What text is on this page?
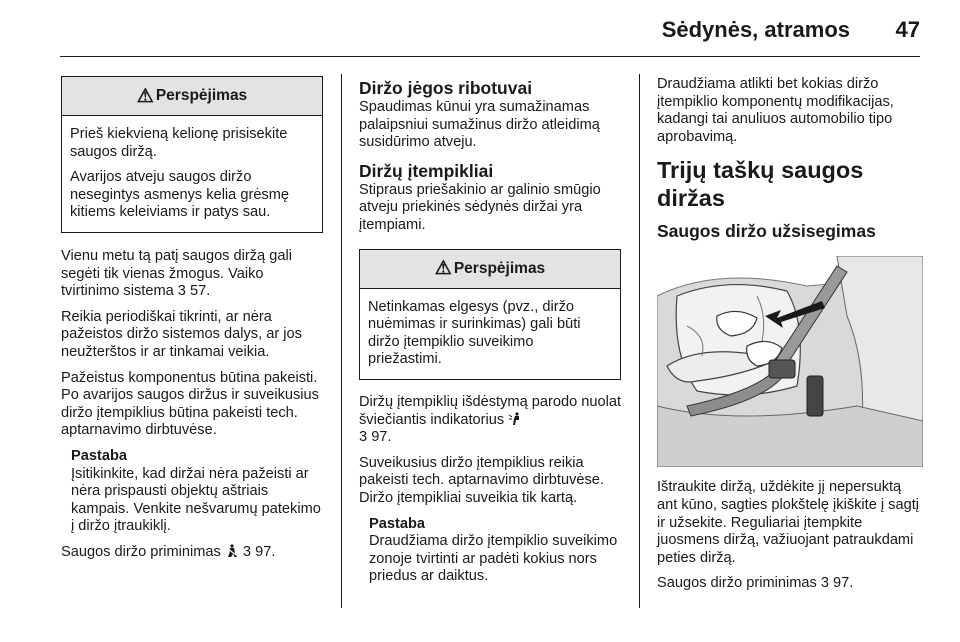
Sėdynės, atramos 47
⚠ Perspėjimas

Prieš kiekvieną kelionę prisisekite saugos diržą.

Avarijos atveju saugos diržo nesegintys asmenys kelia grėsmę kitiems keleiviams ir patys sau.

Vienu metu tą patį saugos diržą gali segėti tik vienas žmogus. Vaiko tvirtinimo sistema 3 57.

Reikia periodiškai tikrinti, ar nėra pažeistos diržo sistemos dalys, ar jos neužterštos ir ar tinkamai veikia.

Pažeistus komponentus būtina pakeisti. Po avarijos saugos diržus ir suveikusius diržo įtempiklius būtina pakeisti tech. aptarnavimo dirbtuvėse.

Pastaba

Įsitikinkite, kad diržai nėra pažeisti ar nėra prispausti objektų aštriais kampais. Venkite nešvarumų patekimo į diržo įtraukiklį.

Saugos diržo priminimas 3 97.

Diržo jėgos ribotuvai

Spaudimas kūnui yra sumažinamas palaipsniui sumažinus diržo atleidimą susidūrimo atveju.

Diržų įtempikliai

Stipraus priešakinio ar galinio smūgio atveju priekinės sėdynės diržai yra įtempiami.

⚠ Perspėjimas

Netinkamas elgesys (pvz., diržo nuėmimas ir surinkimas) gali būti diržo įtempiklio suveikimo priežastimi.

Diržų įtempiklių išdėstymą parodo nuolat šviečiantis indikatorius
3 97.

Suveikusius diržo įtempiklius reikia pakeisti tech. aptarnavimo dirbtuvėse. Diržo įtempikliai suveikia tik kartą.

Pastaba

Draudžiama diržo įtempiklio suveikimo zonoje tvirtinti ar padėti kokius nors priedus ar daiktus.

Draudžiama atlikti bet kokias diržo įtempiklio komponentų modifikacijas, kadangi tai anuliuos automobilio tipo aprobavimą.

Trijų taškų saugos diržas
Saugos diržo užsisegimas

Ištraukite diržą, uždėkite jį nepersuktą ant kūno, sagties plokštelę įkiškite į sagtį ir užsekite. Reguliariai įtempkite juosmens diržą, važiuojant patraukdami peties diržą.

Saugos diržo priminimas 3 97.
